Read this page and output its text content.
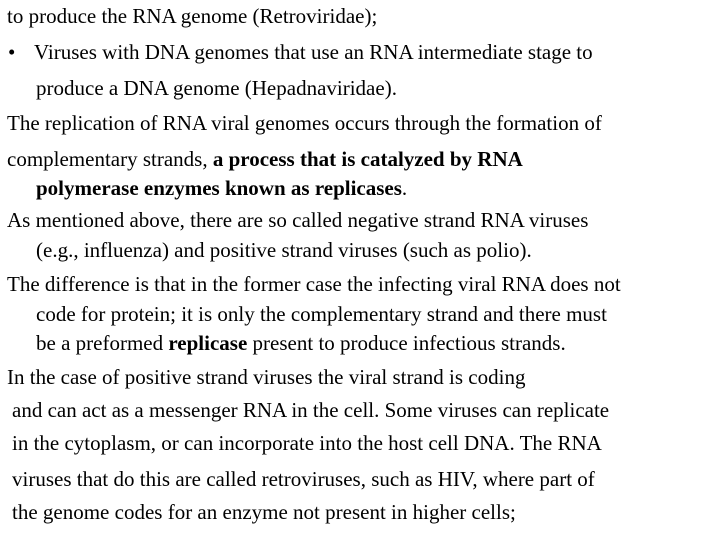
to produce the RNA genome (Retroviridae);
• Viruses with DNA genomes that use an RNA intermediate stage to
produce a DNA genome (Hepadnaviridae).
The replication of RNA viral genomes occurs through the formation of
complementary strands, a process that is catalyzed by RNA
polymerase enzymes known as replicases.
As mentioned above, there are so called negative strand RNA viruses
(e.g., influenza) and positive strand viruses (such as polio).
The difference is that in the former case the infecting viral RNA does not
code for protein; it is only the complementary strand and there must
be a preformed replicase present to produce infectious strands.
In the case of positive strand viruses the viral strand is coding
and can act as a messenger RNA in the cell. Some viruses can replicate
in the cytoplasm, or can incorporate into the host cell DNA. The RNA
viruses that do this are called retroviruses, such as HIV, where part of
the genome codes for an enzyme not present in higher cells;
